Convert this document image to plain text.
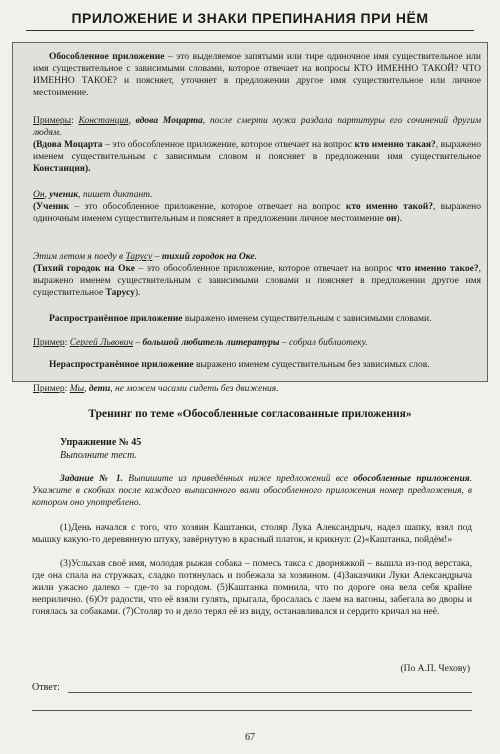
ПРИЛОЖЕНИЕ И ЗНАКИ ПРЕПИНАНИЯ ПРИ НЁМ

Обособленное приложение – это выделяемое запятыми или тире одиночное имя существительное или имя существительное с зависимыми словами, которое отвечает на вопросы КТО ИМЕННО ТАКОЙ? ЧТО ИМЕННО ТАКОЕ? и поясняет, уточняет в предложении другое имя существительное или личное местоимение.

Примеры: Констанция, вдова Моцарта, после смерти мужа раздала партитуры его сочинений другим людям.

(Вдова Моцарта – это обособленное приложение, которое отвечает на вопрос кто именно такая?, выражено именем существительным с зависимым словом и поясняет в предложении имя существительное Констанция).

Он, ученик, пишет диктант.

(Ученик – это обособленное приложение, которое отвечает на вопрос кто именно такой?, выражено одиночным именем существительным и поясняет в предложении личное местоимение он).

Этим летом я поеду в Тарусу – тихий городок на Оке.

(Тихий городок на Оке – это обособленное приложение, которое отвечает на вопрос что именно такое?, выражено именем существительным с зависимыми словами и поясняет в предложении другое имя существительное Тарусу).

Распространённое приложение выражено именем существительным с зависимыми словами.

Пример: Сергей Львович – большой любитель литературы – собрал библиотеку.

Нераспространённое приложение выражено именем существительным без зависимых слов.

Пример: Мы, дети, не можем часами сидеть без движения.

Тренинг по теме «Обособленные согласованные приложения»
Упражнение № 45
Выполните тест.

Задание № 1. Выпишите из приведённых ниже предложений все обособленные приложения. Укажите в скобках после каждого выписанного вами обособленного приложения номер предложения, в котором оно употреблено.

(1)День начался с того, что хозяин Каштанки, столяр Лука Александрыч, надел шапку, взял под мышку какую-то деревянную штуку, завёрнутую в красный платок, и крикнул: (2)«Каштанка, пойдём!»

(3)Услыхав своё имя, молодая рыжая собака – помесь такса с дворняжкой – вышла из-под верстака, где она спала на стружках, сладко потянулась и побежала за хозяином. (4)Заказчики Луки Александрыча жили ужасно далеко – где-то за городом. (5)Каштанка помнила, что по дороге она вела себя крайне неприлично. (6)От радости, что её взяли гулять, прыгала, бросалась с лаем на вагоны, забегала во дворы и гонялась за собаками. (7)Столяр то и дело терял её из виду, останавливался и сердито кричал на неё.

(По А.П. Чехову)
Ответ:
67
